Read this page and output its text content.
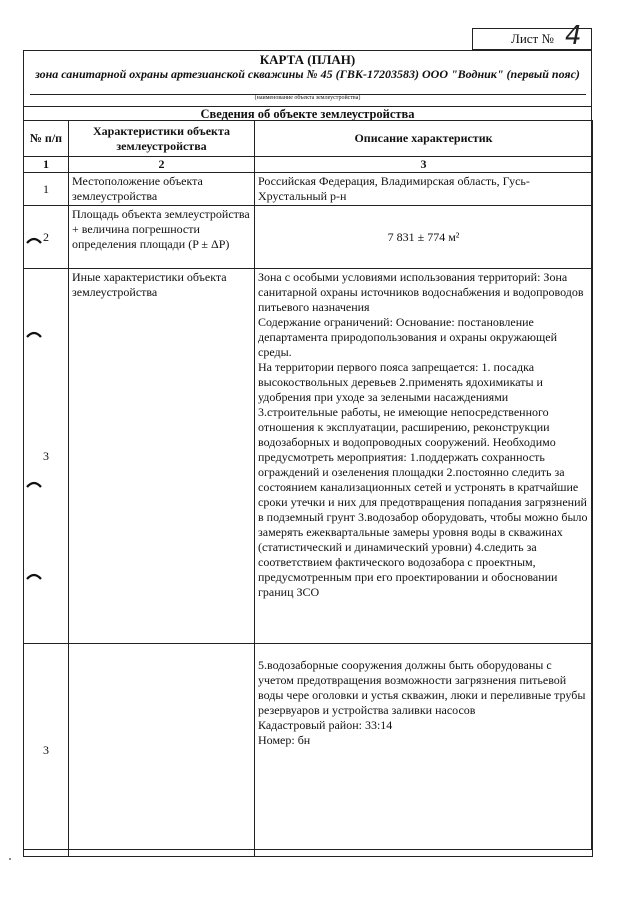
Лист № 4
КАРТА (ПЛАН)
зона санитарной охраны артезианской скважины № 45 (ГВК-17203583) ООО "Водник" (первый пояс)
(наименование объекта землеустройства)
Сведения об объекте землеустройства
№ п/п	Характеристики объекта землеустройства	Описание характеристик
1	2	3
1	Местоположение объекта землеустройства	Российская Федерация, Владимирская область, Гусь-Хрустальный р-н
2	Площадь объекта землеустройства + величина погрешности определения площади (P ± ΔP)	7 831 ± 774 м²
3	Иные характеристики объекта землеустройства	Зона с особыми условиями использования территорий: Зона санитарной охраны источников водоснабжения и водопроводов питьевого назначения
Содержание ограничений: Основание: постановление департамента природопользования и охраны окружающей среды.
На территории первого пояса запрещается: 1. посадка высокоствольных деревьев 2.применять ядохимикаты и удобрения при уходе за зелеными насаждениями 3.строительные работы, не имеющие непосредственного отношения к эксплуатации, расширению, реконструкции водозаборных и водопроводных сооружений. Необходимо предусмотреть мероприятия: 1.поддержать сохранность ограждений и озеленения площадки 2.постоянно следить за состоянием канализационных сетей и устронять в кратчайшие сроки утечки и них для предотвращения попадания загрязнений в подземный грунт 3.водозабор оборудовать, чтобы можно было замерять ежеквартальные замеры уровня воды в скважинах (статистический и динамический уровни) 4.следить за соответствием фактического водозабора с проектным, предусмотренным при его проектировании и обосновании границ ЗСО
3		5.водозаборные сооружения должны быть оборудованы с учетом предотвращения возможности загрязнения питьевой воды чере оголовки и устья скважин, люки и переливные трубы резервуаров и устройства заливки насосов
Кадастровый район: 33:14
Номер: бн
